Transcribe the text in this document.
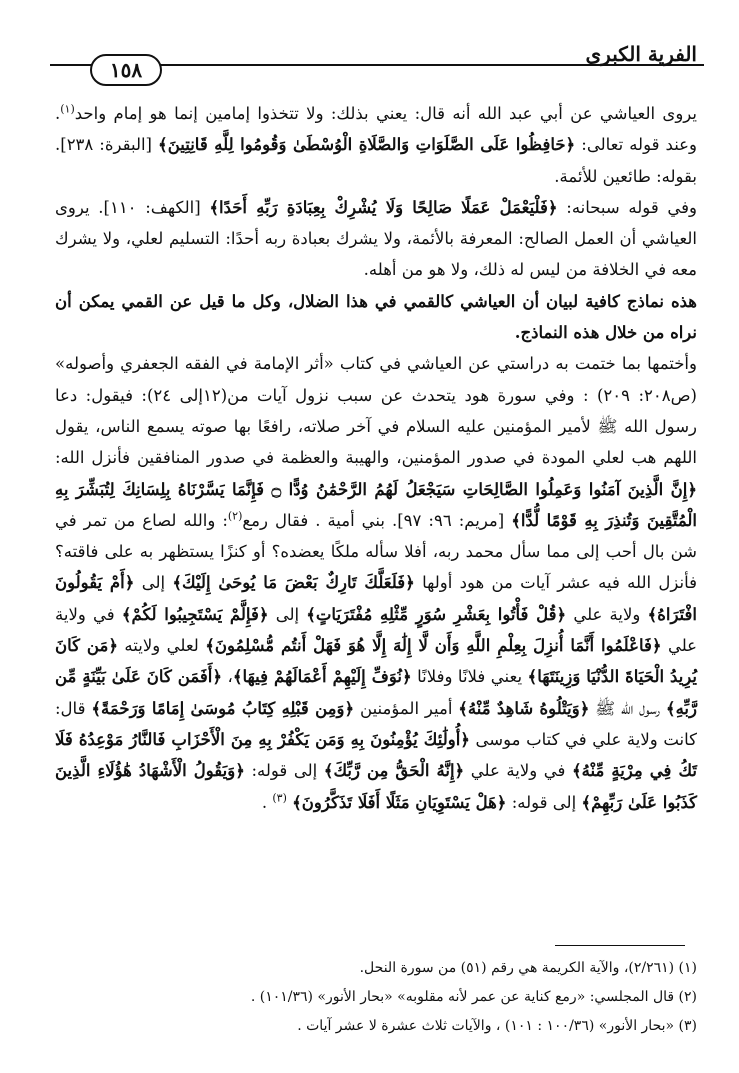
الفرية الكبرى
١٥٨

يروى العياشي عن أبي عبد الله أنه قال: يعني بذلك: ولا تتخذوا إمامين إنما هو إمام واحد$^{(١)}$. وعند قوله تعالى: ﴿حَافِظُوا عَلَى الصَّلَوَاتِ وَالصَّلَاةِ الْوُسْطَىٰ وَقُومُوا لِلَّهِ قَانِتِينَ﴾ [البقرة: ٢٣٨]. بقوله: طائعين للأئمة.

وفي قوله سبحانه: ﴿فَلْيَعْمَلْ عَمَلًا صَالِحًا وَلَا يُشْرِكْ بِعِبَادَةِ رَبِّهِ أَحَدًا﴾ [الكهف: ١١٠]. يروى العياشي أن العمل الصالح: المعرفة بالأئمة، ولا يشرك بعبادة ربه أحدًا: التسليم لعلي، ولا يشرك معه في الخلافة من ليس له ذلك، ولا هو من أهله.

هذه نماذج كافية لبيان أن العياشي كالقمي في هذا الضلال، وكل ما قيل عن القمي يمكن أن نراه من خلال هذه النماذج.

وأختمها بما ختمت به دراستي عن العياشي في كتاب «أثر الإمامة في الفقه الجعفري وأصوله» (ص٢٠٨: ٢٠٩) : وفي سورة هود يتحدث عن سبب نزول آيات من(١٢إلى ٢٤): فيقول: دعا رسول الله ﷺ لأمير المؤمنين عليه السلام في آخر صلاته، رافعًا بها صوته يسمع الناس، يقول اللهم هب لعلي المودة في صدور المؤمنين، والهيبة والعظمة في صدور المنافقين فأنزل الله: ﴿إِنَّ الَّذِينَ آمَنُوا وَعَمِلُوا الصَّالِحَاتِ سَيَجْعَلُ لَهُمُ الرَّحْمَٰنُ وُدًّا ۝ فَإِنَّمَا يَسَّرْنَاهُ بِلِسَانِكَ لِتُبَشِّرَ بِهِ الْمُتَّقِينَ وَتُنذِرَ بِهِ قَوْمًا لُّدًّا﴾ [مريم: ٩٦: ٩٧]. بني أمية . فقال رمع$^{(٢)}$: والله لصاع من تمر في شن بال أحب إلى مما سأل محمد ربه، أفلا سأله ملكًا يعضده؟ أو كنزًا يستظهر به على فاقته؟ فأنزل الله فيه عشر آيات من هود أولها ﴿فَلَعَلَّكَ تَارِكٌ بَعْضَ مَا يُوحَىٰ إِلَيْكَ﴾ إلى ﴿أَمْ يَقُولُونَ افْتَرَاهُ﴾ ولاية علي ﴿قُلْ فَأْتُوا بِعَشْرِ سُوَرٍ مِّثْلِهِ مُفْتَرَيَاتٍ﴾ إلى ﴿فَإِلَّمْ يَسْتَجِيبُوا لَكُمْ﴾ في ولاية علي ﴿فَاعْلَمُوا أَنَّمَا أُنزِلَ بِعِلْمِ اللَّهِ وَأَن لَّا إِلَٰهَ إِلَّا هُوَ فَهَلْ أَنتُم مُّسْلِمُونَ﴾ لعلي ولايته ﴿مَن كَانَ يُرِيدُ الْحَيَاةَ الدُّنْيَا وَزِينَتَهَا﴾ يعني فلانًا وفلانًا ﴿نُوَفِّ إِلَيْهِمْ أَعْمَالَهُمْ فِيهَا﴾، ﴿أَفَمَن كَانَ عَلَىٰ بَيِّنَةٍ مِّن رَّبِّهِ﴾ رسول الله ﷺ ﴿وَيَتْلُوهُ شَاهِدٌ مِّنْهُ﴾ أمير المؤمنين ﴿وَمِن قَبْلِهِ كِتَابُ مُوسَىٰ إِمَامًا وَرَحْمَةً﴾ قال: كانت ولاية علي في كتاب موسى ﴿أُولَٰئِكَ يُؤْمِنُونَ بِهِ وَمَن يَكْفُرْ بِهِ مِنَ الْأَحْزَابِ فَالنَّارُ مَوْعِدُهُ فَلَا تَكُ فِي مِرْيَةٍ مِّنْهُ﴾ في ولاية علي ﴿إِنَّهُ الْحَقُّ مِن رَّبِّكَ﴾ إلى قوله: ﴿وَيَقُولُ الْأَشْهَادُ هَٰؤُلَاءِ الَّذِينَ كَذَبُوا عَلَىٰ رَبِّهِمْ﴾ إلى قوله: ﴿هَلْ يَسْتَوِيَانِ مَثَلًا أَفَلَا تَذَكَّرُونَ﴾ $^{(٣)}$ .

(١) (٢/٢٦١)، والآية الكريمة هي رقم (٥١) من سورة النحل.
(٢) قال المجلسي: «رمع كناية عن عمر لأنه مقلوبه» «بحار الأنور» (١٠١/٣٦) .
(٣) «بحار الأنور» (١٠٠/٣٦ : ١٠١) ، والآيات ثلاث عشرة لا عشر آيات .
